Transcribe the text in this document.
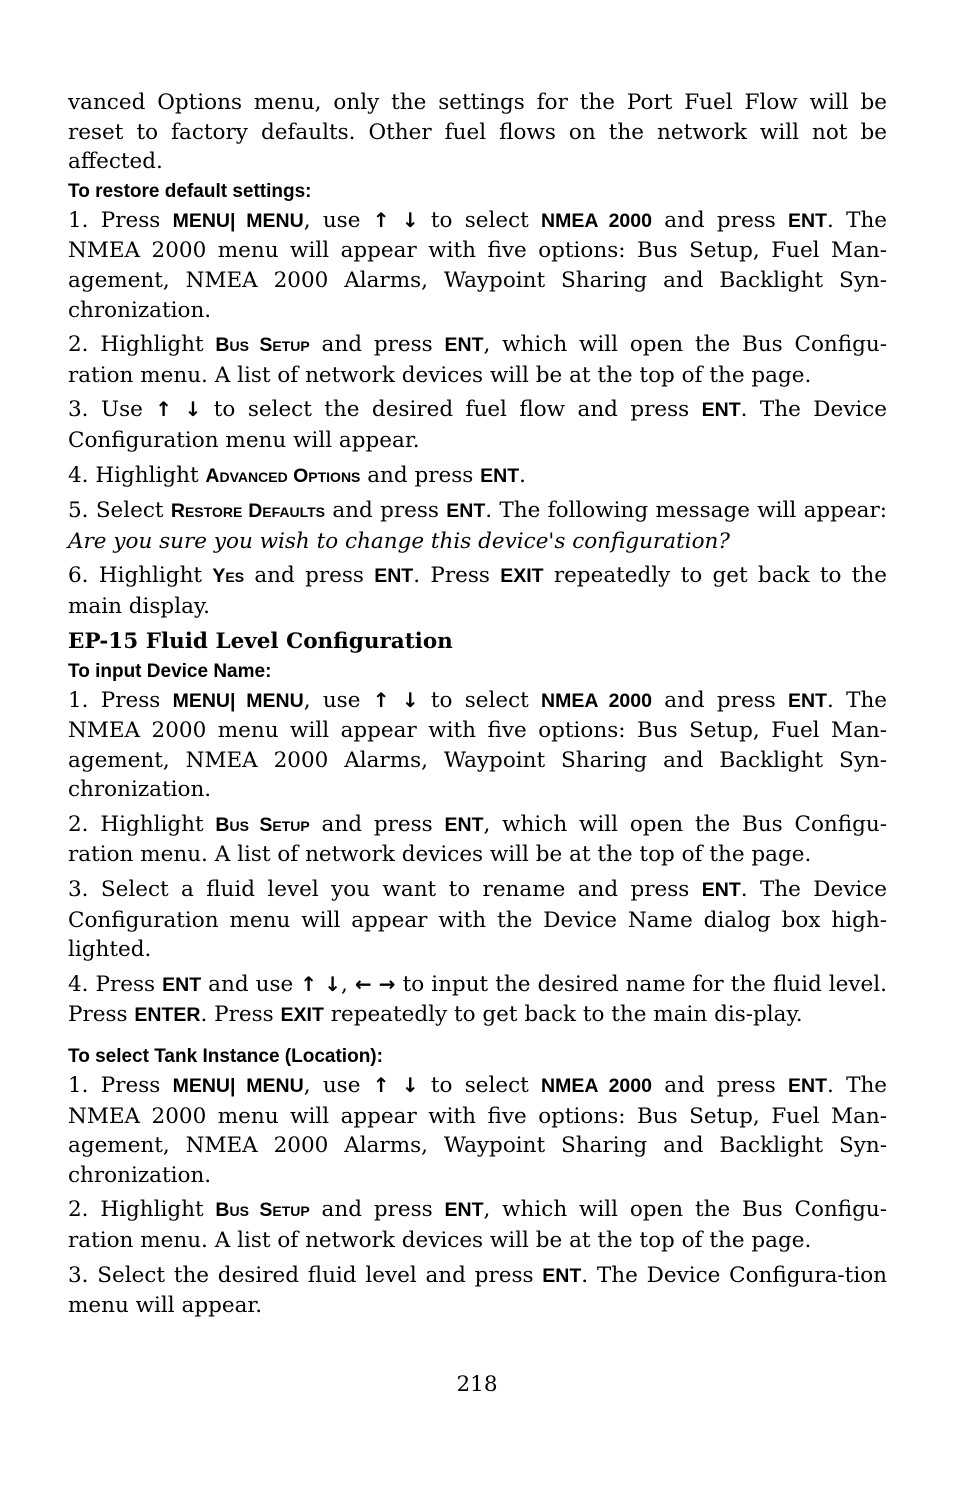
vanced Options menu, only the settings for the Port Fuel Flow will be reset to factory defaults. Other fuel flows on the network will not be affected.

To restore default settings:

1. Press MENU| MENU, use ↑ ↓ to select NMEA 2000 and press ENT. The NMEA 2000 menu will appear with five options: Bus Setup, Fuel Man-agement, NMEA 2000 Alarms, Waypoint Sharing and Backlight Syn-chronization.

2. Highlight Bus Setup and press ENT, which will open the Bus Configu-ration menu. A list of network devices will be at the top of the page.

3. Use ↑ ↓ to select the desired fuel flow and press ENT. The Device Configuration menu will appear.

4. Highlight Advanced Options and press ENT.

5. Select Restore Defaults and press ENT. The following message will appear: Are you sure you wish to change this device's configuration?

6. Highlight Yes and press ENT. Press EXIT repeatedly to get back to the main display.

EP-15 Fluid Level Configuration
To input Device Name:

1. Press MENU| MENU, use ↑ ↓ to select NMEA 2000 and press ENT. The NMEA 2000 menu will appear with five options: Bus Setup, Fuel Man-agement, NMEA 2000 Alarms, Waypoint Sharing and Backlight Syn-chronization.

2. Highlight Bus Setup and press ENT, which will open the Bus Configu-ration menu. A list of network devices will be at the top of the page.

3. Select a fluid level you want to rename and press ENT. The Device Configuration menu will appear with the Device Name dialog box high-lighted.

4. Press ENT and use ↑ ↓, ← → to input the desired name for the fluid level. Press ENTER. Press EXIT repeatedly to get back to the main dis-play.

To select Tank Instance (Location):

1. Press MENU| MENU, use ↑ ↓ to select NMEA 2000 and press ENT. The NMEA 2000 menu will appear with five options: Bus Setup, Fuel Man-agement, NMEA 2000 Alarms, Waypoint Sharing and Backlight Syn-chronization.

2. Highlight Bus Setup and press ENT, which will open the Bus Configu-ration menu. A list of network devices will be at the top of the page.

3. Select the desired fluid level and press ENT. The Device Configura-tion menu will appear.

218
